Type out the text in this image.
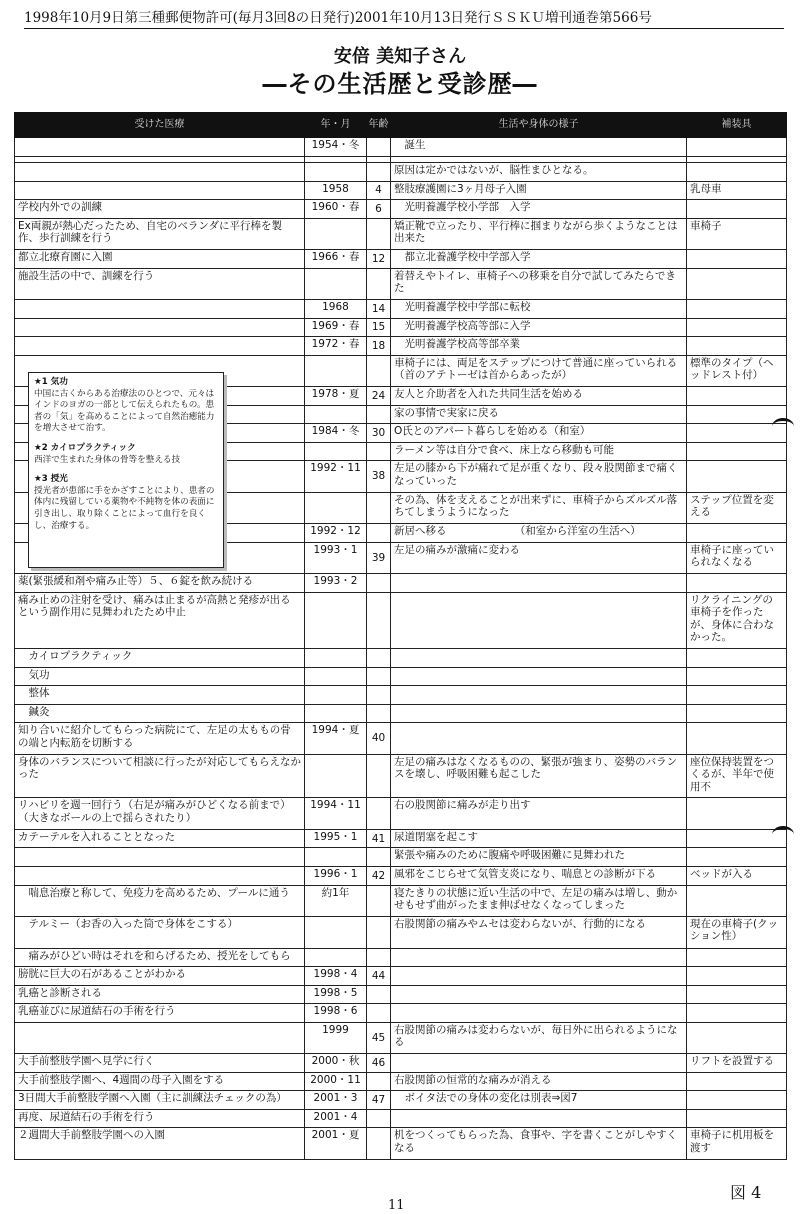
1998年10月9日第三種郵便物許可(毎月3回8の日発行)2001年10月13日発行ＳＳＫＵ増刊通巻第566号
安倍 美知子さん
―その生活歴と受診歴―
受けた医療	年・月	年齢	生活や身体の様子	補装具
	1954・冬		　誕生	

			原因は定かではないが、脳性まひとなる。	
	1958	4	整肢療護園に3ヶ月母子入園	乳母車
学校内外での訓練	1960・春	6	　光明養護学校小学部　入学	
Ex両親が熱心だったため、自宅のベランダに平行棒を製作、歩行訓練を行う			矯正靴で立ったり、平行棒に掴まりながら歩くようなことは出来た	車椅子
都立北療育園に入園	1966・春	12	　都立北養護学校中学部入学	
施設生活の中で、訓練を行う			着替えやトイレ、車椅子への移乗を自分で試してみたらできた	
	1968	14	　光明養護学校中学部に転校	
	1969・春	15	　光明養護学校高等部に入学	
	1972・春	18	　光明養護学校高等部卒業	
			車椅子には、両足をステップにつけて普通に座っていられる（首のアテトーゼは首からあったが）	標準のタイプ（ヘッドレスト付）
	1978・夏	24	友人と介助者を入れた共同生活を始める	
			家の事情で実家に戻る	
	1984・冬	30	O氏とのアパート暮らしを始める（和室）	
			ラーメン等は自分で食べ、床上なら移動も可能	
	1992・11	38	左足の膝から下が痛れて足が重くなり、段々股関節まで痛くなっていった	
			その為、体を支えることが出来ずに、車椅子からズルズル落ちてしまうようになった	ステップ位置を変える
	1992・12		新居へ移る　　　　　　　（和室から洋室の生活へ）	
	1993・1	39	左足の痛みが激痛に変わる	車椅子に座っていられなくなる
薬(緊張緩和剤や痛み止等）５、６錠を飲み続ける	1993・2			
痛み止めの注射を受け、痛みは止まるが高熱と発疹が出るという副作用に見舞われたため中止				リクライニングの車椅子を作ったが、身体に合わなかった。
　カイロプラクティック				
　気功				
　整体				
　鍼灸				
知り合いに紹介してもらった病院にて、左足の太ももの骨の端と内転筋を切断する	1994・夏	40		
身体のバランスについて相談に行ったが対応してもらえなかった			左足の痛みはなくなるものの、緊張が強まり、姿勢のバランスを壊し、呼吸困難も起こした	座位保持装置をつくるが、半年で使用不
リハビリを週一回行う（右足が痛みがひどくなる前まで）（大きなボールの上で揺らされたり）	1994・11		右の股関節に痛みが走り出す	
カテーテルを入れることとなった	1995・1	41	尿道閉塞を起こす	
			緊張や痛みのために腹痛や呼吸困難に見舞われた	
	1996・1	42	風邪をこじらせて気管支炎になり、喘息との診断が下る	ベッドが入る
　喘息治療と称して、免疫力を高めるため、プールに通う	約1年		寝たきりの状態に近い生活の中で、左足の痛みは増し、動かせもせず曲がったまま伸ばせなくなってしまった	
　テルミー（お香の入った筒で身体をこする）			右股関節の痛みやムセは変わらないが、行動的になる	現在の車椅子(クッション性）
　痛みがひどい時はそれを和らげるため、授光をしてもら				
膀胱に巨大の石があることがわかる	1998・4	44		
乳癌と診断される	1998・5			
乳癌並びに尿道結石の手術を行う	1998・6			
	1999	45	右股関節の痛みは変わらないが、毎日外に出られるようになる	
大手前整肢学園へ見学に行く	2000・秋	46		リフトを設置する
大手前整肢学園へ、4週間の母子入園をする	2000・11		右股関節の恒常的な痛みが消える	
3日間大手前整肢学園へ入園（主に訓練法チェックの為）	2001・3	47	　ボイタ法での身体の変化は別表⇒図7	
再度、尿道結石の手術を行う	2001・4			
２週間大手前整肢学園への入園	2001・夏		机をつくってもらった為、食事や、字を書くことがしやすくなる	車椅子に机用板を渡す
★1 気功
中国に古くからある治療法のひとつで、元々はインドのヨガの一部として伝えられたもの。患者の「気」を高めることによって自然治癒能力を増大させて治す。
★2 カイロプラクティック
西洋で生まれた身体の骨等を整える技
★3 授光
授光者が患部に手をかざすことにより、患者の体内に残留している薬物や不純物を体の表面に引き出し、取り除くことによって血行を良くし、治療する。
図 4
11
